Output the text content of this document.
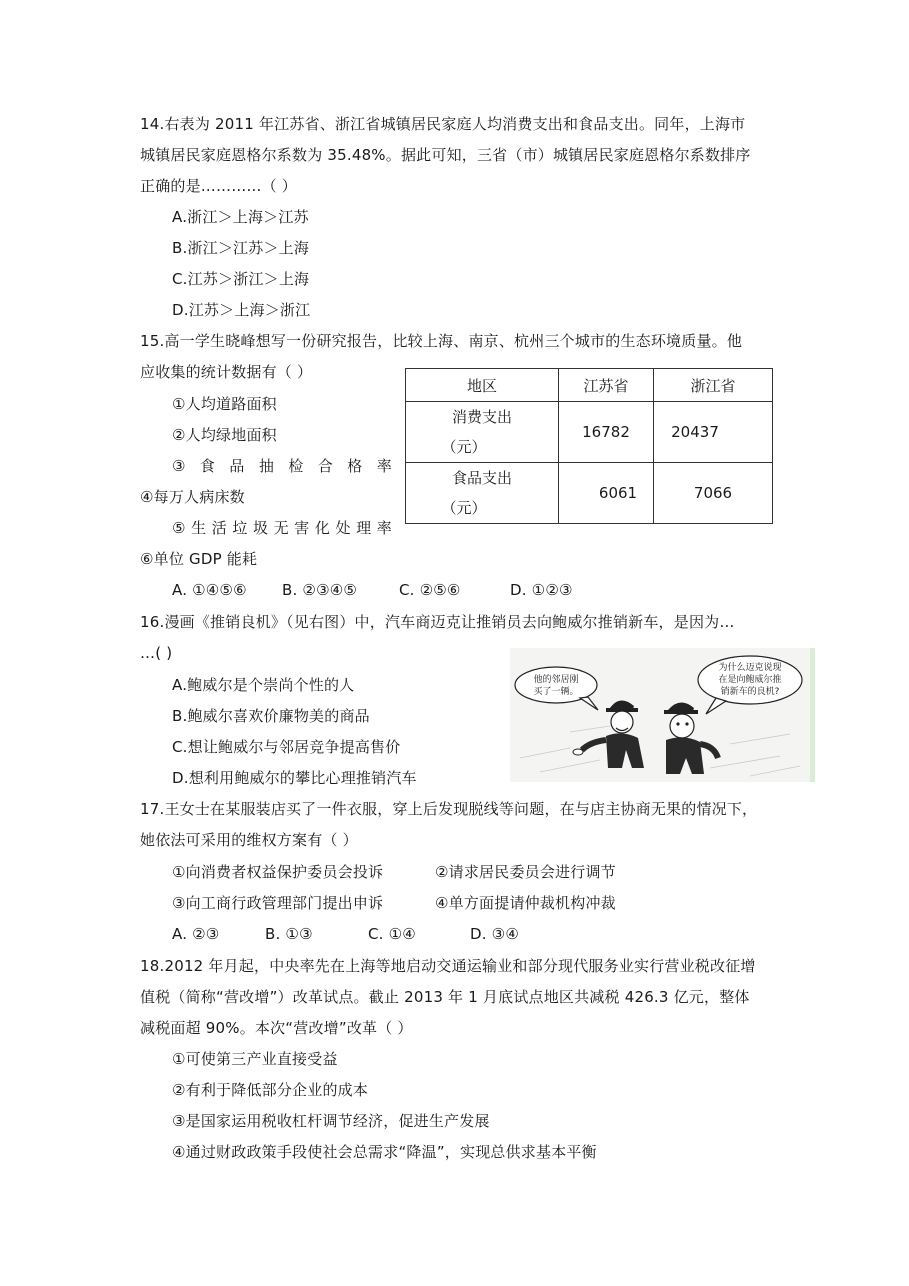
14.右表为 2011 年江苏省、浙江省城镇居民家庭人均消费支出和食品支出。同年，上海市
城镇居民家庭恩格尔系数为 35.48%。据此可知，三省（市）城镇居民家庭恩格尔系数排序
正确的是…………（ ）
A.浙江＞上海＞江苏
B.浙江＞江苏＞上海
C.江苏＞浙江＞上海
D.江苏＞上海＞浙江
15.高一学生晓峰想写一份研究报告，比较上海、南京、杭州三个城市的生态环境质量。他
应收集的统计数据有（ ）
①人均道路面积
②人均绿地面积
③ 食 品 抽 检 合 格 率
④每万人病床数
⑤ 生 活 垃 圾 无 害 化 处 理 率
⑥单位 GDP 能耗
A. ①④⑤⑥ B. ②③④⑤	C. ②⑤⑥	D. ①②③
地区	江苏省	浙江省

消费支出
（元）	16782	20437

食品支出
（元）	6061	7066
16.漫画《推销良机》（见右图）中，汽车商迈克让推销员去向鲍威尔推销新车，是因为…
…( )
A.鲍威尔是个崇尚个性的人
B.鲍威尔喜欢价廉物美的商品
C.想让鲍威尔与邻居竞争提高售价
D.想利用鲍威尔的攀比心理推销汽车
他的邻居刚
买了一辆。
为什么迈克说现
在是向鲍威尔推
销新车的良机?
17.王女士在某服装店买了一件衣服，穿上后发现脱线等问题，在与店主协商无果的情况下，
她依法可采用的维权方案有（ ）
①向消费者权益保护委员会投诉	②请求居民委员会进行调节
③向工商行政管理部门提出申诉	④单方面提请仲裁机构冲裁
A. ②③	B. ①③	C. ①④	D. ③④
18.2012 年月起，中央率先在上海等地启动交通运输业和部分现代服务业实行营业税改征增
值税（简称“营改增”）改革试点。截止 2013 年 1 月底试点地区共减税 426.3 亿元，整体
减税面超 90%。本次“营改增”改革（ ）
①可使第三产业直接受益
②有利于降低部分企业的成本
③是国家运用税收杠杆调节经济，促进生产发展
④通过财政政策手段使社会总需求“降温”，实现总供求基本平衡
